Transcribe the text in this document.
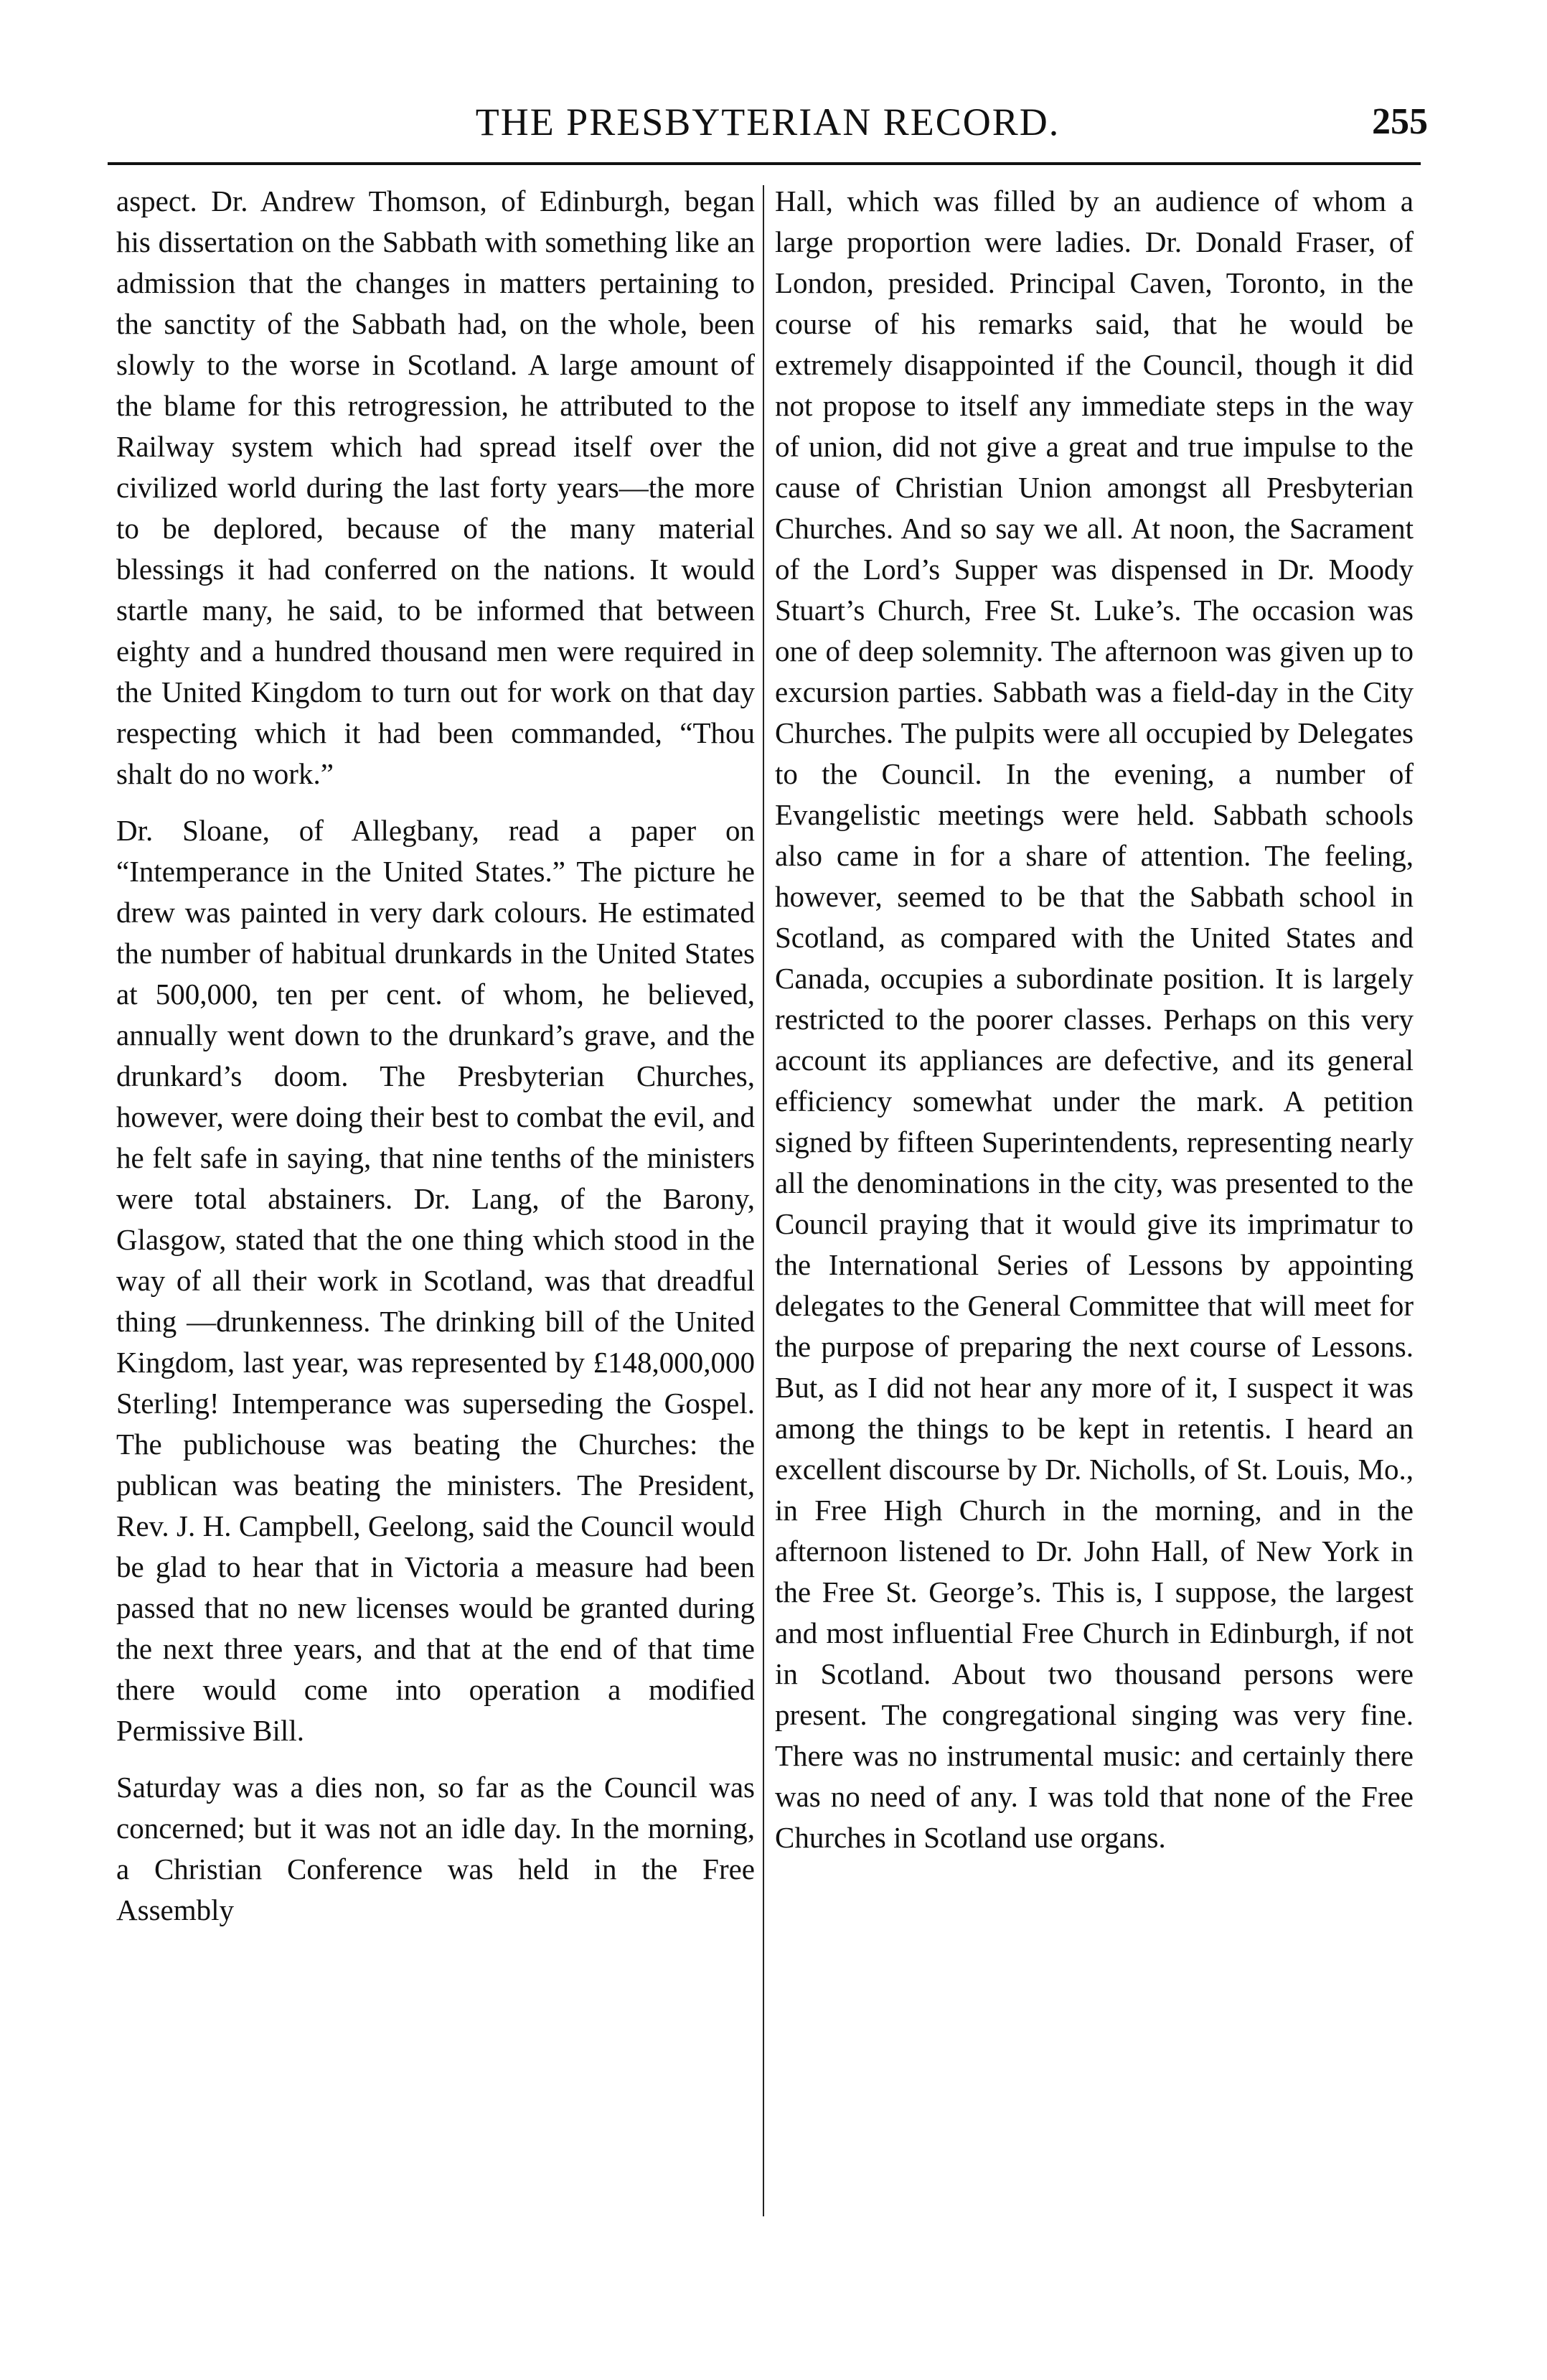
THE PRESBYTERIAN RECORD.	255

aspect. Dr. Andrew Thomson, of Edinburgh, began his dissertation on the Sabbath with something like an admission that the changes in matters pertaining to the sanctity of the Sabbath had, on the whole, been slowly to the worse in Scotland. A large amount of the blame for this retrogression, he attributed to the Railway system which had spread itself over the civilized world during the last forty years—the more to be deplored, because of the many material blessings it had conferred on the nations. It would startle many, he said, to be informed that between eighty and a hundred thousand men were required in the United Kingdom to turn out for work on that day respecting which it had been commanded, “Thou shalt do no work.”

Dr. Sloane, of Allegbany, read a paper on “Intemperance in the United States.” The picture he drew was painted in very dark colours. He estimated the number of habitual drunkards in the United States at 500,000, ten per cent. of whom, he believed, annually went down to the drunkard’s grave, and the drunkard’s doom. The Presbyterian Churches, however, were doing their best to combat the evil, and he felt safe in saying, that nine tenths of the ministers were total abstainers. Dr. Lang, of the Barony, Glasgow, stated that the one thing which stood in the way of all their work in Scotland, was that dreadful thing —drunkenness. The drinking bill of the United Kingdom, last year, was represented by £148,000,000 Sterling! Intemperance was superseding the Gospel. The publichouse was beating the Churches: the publican was beating the ministers. The President, Rev. J. H. Campbell, Geelong, said the Council would be glad to hear that in Victoria a measure had been passed that no new licenses would be granted during the next three years, and that at the end of that time there would come into operation a modified Permissive Bill.

Saturday was a dies non, so far as the Council was concerned; but it was not an idle day. In the morning, a Christian Conference was held in the Free Assembly

Hall, which was filled by an audience of whom a large proportion were ladies. Dr. Donald Fraser, of London, presided. Principal Caven, Toronto, in the course of his remarks said, that he would be extremely disappointed if the Council, though it did not propose to itself any immediate steps in the way of union, did not give a great and true impulse to the cause of Christian Union amongst all Presbyterian Churches. And so say we all. At noon, the Sacrament of the Lord’s Supper was dispensed in Dr. Moody Stuart’s Church, Free St. Luke’s. The occasion was one of deep solemnity. The afternoon was given up to excursion parties. Sabbath was a field-day in the City Churches. The pulpits were all occupied by Delegates to the Council. In the evening, a number of Evangelistic meetings were held. Sabbath schools also came in for a share of attention. The feeling, however, seemed to be that the Sabbath school in Scotland, as compared with the United States and Canada, occupies a subordinate position. It is largely restricted to the poorer classes. Perhaps on this very account its appliances are defective, and its general efficiency somewhat under the mark. A petition signed by fifteen Superintendents, representing nearly all the denominations in the city, was presented to the Council praying that it would give its imprimatur to the International Series of Lessons by appointing delegates to the General Committee that will meet for the purpose of preparing the next course of Lessons. But, as I did not hear any more of it, I suspect it was among the things to be kept in retentis. I heard an excellent discourse by Dr. Nicholls, of St. Louis, Mo., in Free High Church in the morning, and in the afternoon listened to Dr. John Hall, of New York in the Free St. George’s. This is, I suppose, the largest and most influential Free Church in Edinburgh, if not in Scotland. About two thousand persons were present. The congregational singing was very fine. There was no instrumental music: and certainly there was no need of any. I was told that none of the Free Churches in Scotland use organs.
